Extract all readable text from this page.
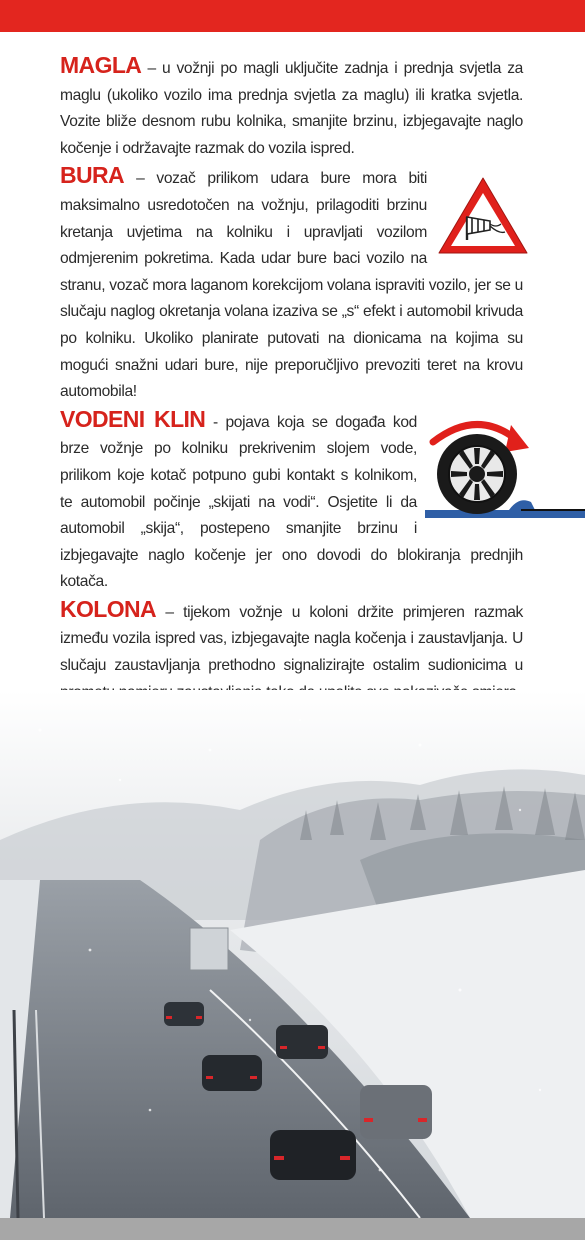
MAGLA – u vožnji po magli uključite zadnja i prednja svjetla za maglu (ukoliko vozilo ima prednja svjetla za maglu) ili kratka svjetla. Vozite bliže desnom rubu kolnika, smanjite brzinu, izbjegavajte naglo kočenje i održavajte razmak do vozila ispred.

BURA – vozač prilikom udara bure mora biti maksimalno usredotočen na vožnju, prilagoditi brzinu kretanja uvjetima na kolniku i upravljati vozilom odmjerenim pokretima. Kada udar bure baci vozilo na stranu, vozač mora laganom korekcijom volana ispraviti vozilo, jer se u slučaju naglog okretanja volana izaziva se „s“ efekt i automobil krivuda po kolniku. Ukoliko planirate putovati na dionicama na kojima su mogući snažni udari bure, nije preporučljivo prevoziti teret na krovu automobila!

VODENI KLIN - pojava koja se događa kod brze vožnje po kolniku prekrivenim slojem vode, prilikom koje kotač potpuno gubi kontakt s kolnikom, te automobil počinje „skijati na vodi“. Osjetite li da automobil „skija“, postepeno smanjite brzinu i izbjegavajte naglo kočenje jer ono dovodi do blokiranja prednjih kotača.

KOLONA – tijekom vožnje u koloni držite primjeren razmak između vozila ispred vas, izbjegavajte nagla kočenja i zaustavljanja. U slučaju zaustavljanja prethodno signalizirajte ostalim sudionicima u
